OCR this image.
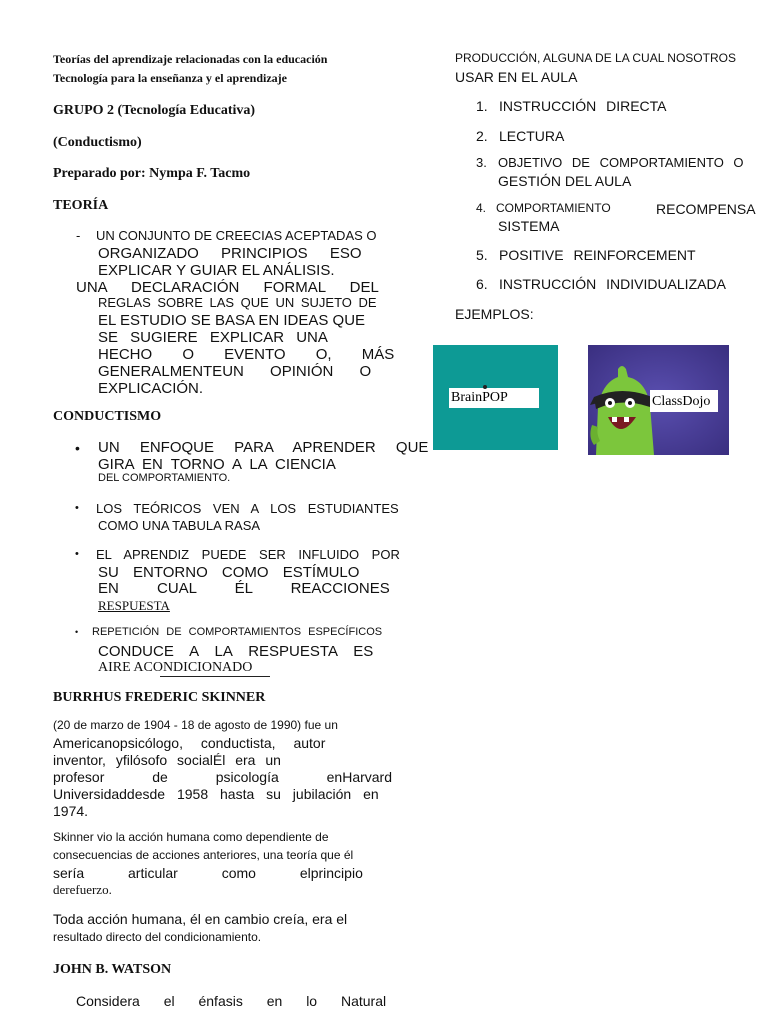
Teorías del aprendizaje relacionadas con la educación
Tecnología para la enseñanza y el aprendizaje
GRUPO 2 (Tecnología Educativa)
(Conductismo)
Preparado por: Nympa F. Tacmo
TEORÍA
- UN CONJUNTO DE CREECIAS ACEPTADAS O
ORGANIZADO PRINCIPIOS ESO
EXPLICAR Y GUIAR EL ANÁLISIS.
UNA DECLARACIÓN FORMAL DEL
REGLAS SOBRE LAS QUE UN SUJETO DE
EL ESTUDIO SE BASA EN IDEAS QUE
SE SUGIERE EXPLICAR UNA
HECHO O EVENTO O, MÁS
GENERALMENTEUN OPINIÓN O
EXPLICACIÓN.
CONDUCTISMO
• UN ENFOQUE PARA APRENDER QUE
GIRA EN TORNO A LA CIENCIA
DEL COMPORTAMIENTO.
• LOS TEÓRICOS VEN A LOS ESTUDIANTES
COMO UNA TABULA RASA
• EL APRENDIZ PUEDE SER INFLUIDO POR
SU ENTORNO COMO ESTÍMULO
EN CUAL ÉL REACCIONES
RESPUESTA
• REPETICIÓN DE COMPORTAMIENTOS ESPECÍFICOS
CONDUCE A LA RESPUESTA ES
AIRE ACONDICIONADO
BURRHUS FREDERIC SKINNER
(20 de marzo de 1904 - 18 de agosto de 1990) fue un
Americanopsicólogo, conductista, autor
inventor, yfilósofo socialÉl era un
profesor de psicología enHarvard
Universidaddesde 1958 hasta su jubilación en
1974.
Skinner vio la acción humana como dependiente de
consecuencias de acciones anteriores, una teoría que él
sería articular como elprincipio
derefuerzo.
Toda acción humana, él en cambio creía, era el
resultado directo del condicionamiento.
JOHN B. WATSON
Considera el énfasis en lo Natural
PRODUCCIÓN, ALGUNA DE LA CUAL NOSOTROS
USAR EN EL AULA
1. INSTRUCCIÓN DIRECTA
2. LECTURA
3. OBJETIVO DE COMPORTAMIENTO O
GESTIÓN DEL AULA
4. COMPORTAMIENTO	RECOMPENSA
SISTEMA
5. POSITIVE REINFORCEMENT
6. INSTRUCCIÓN INDIVIDUALIZADA
EJEMPLOS:
BrainPOP	ClassDojo
